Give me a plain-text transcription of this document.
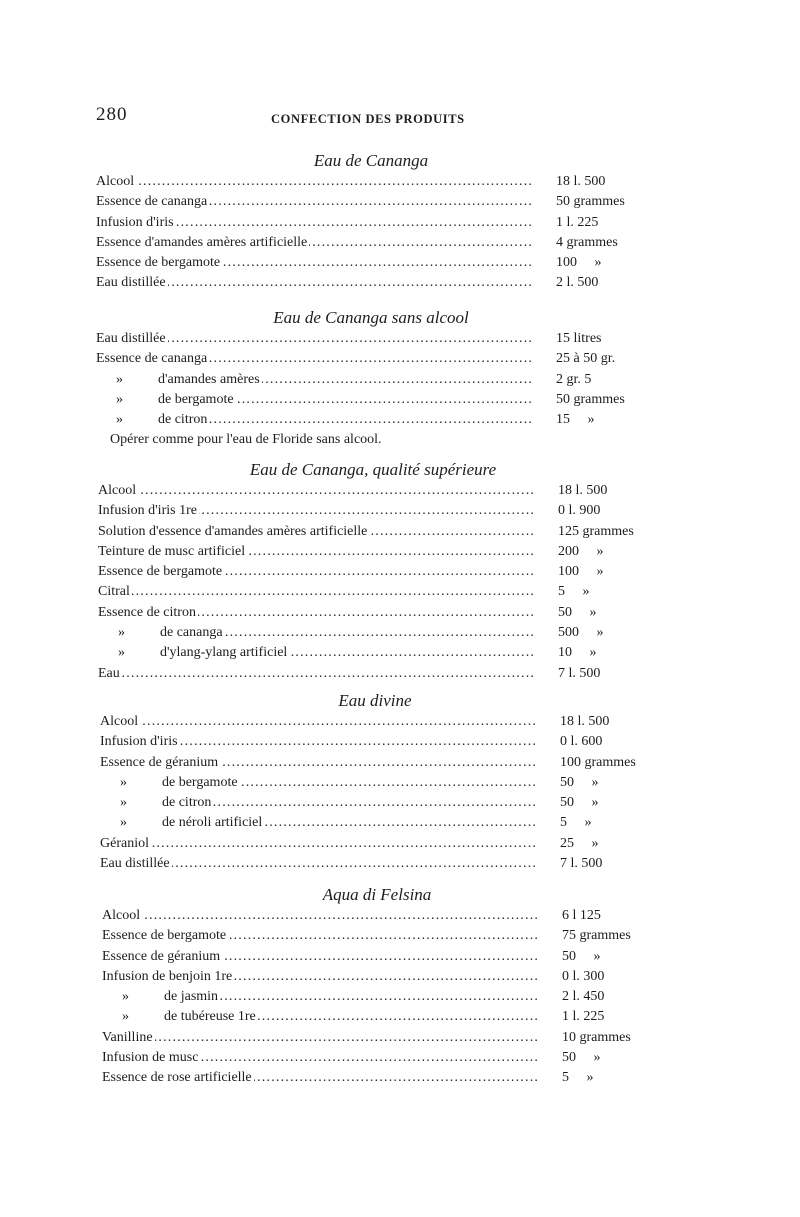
280	CONFECTION DES PRODUITS
Eau de Cananga
Alcool .....	18 l. 500
Essence de cananga .....	50 grammes
Infusion d'iris .....	1 l. 225
Essence d'amandes amères artificielle .....	4 grammes
Essence de bergamote .....	100     »
Eau distillée .....	2 l. 500
Eau de Cananga sans alcool
Eau distillée .....	15 litres
Essence de cananga .....	25 à 50 gr.
»	d'amandes amères .....	2 gr. 5
»	de bergamote .....	50 grammes
»	de citron .....	15     »
Opérer comme pour l'eau de Floride sans alcool.
Eau de Cananga, qualité supérieure
Alcool .....	18 l. 500
Infusion d'iris 1re .....	0 l. 900
Solution d'essence d'amandes amères artificielle .....	125 grammes
Teinture de musc artificiel .....	200     »
Essence de bergamote .....	100     »
Citral .....	5     »
Essence de citron .....	50     »
»	de cananga .....	500     »
»	d'ylang-ylang artificiel .....	10     »
Eau .....	7 l. 500
Eau divine
Alcool .....	18 l. 500
Infusion d'iris .....	0 l. 600
Essence de géranium .....	100 grammes
»	de bergamote .....	50     »
»	de citron .....	50     »
»	de néroli artificiel .....	5     »
Géraniol .....	25     »
Eau distillée .....	7 l. 500
Aqua di Felsina
Alcool .....	6 l 125
Essence de bergamote .....	75 grammes
Essence de géranium .....	50     »
Infusion de benjoin 1re .....	0 l. 300
»	de jasmin .....	2 l. 450
»	de tubéreuse 1re .....	1 l. 225
Vanilline .....	10 grammes
Infusion de musc .....	50     »
Essence de rose artificielle .....	5     »
